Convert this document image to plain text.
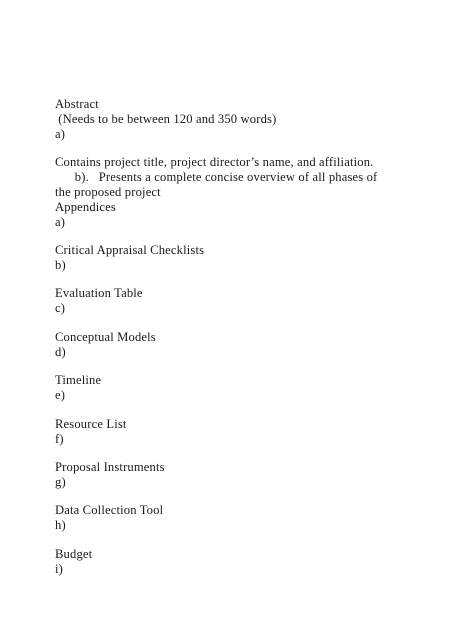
Abstract
(Needs to be between 120 and 350 words)
a)
Contains project title, project director’s name, and affiliation.
b).   Presents a complete concise overview of all phases of
the proposed project
Appendices
a)
Critical Appraisal Checklists
b)
Evaluation Table
c)
Conceptual Models
d)
Timeline
e)
Resource List
f)
Proposal Instruments
g)
Data Collection Tool
h)
Budget
i)
